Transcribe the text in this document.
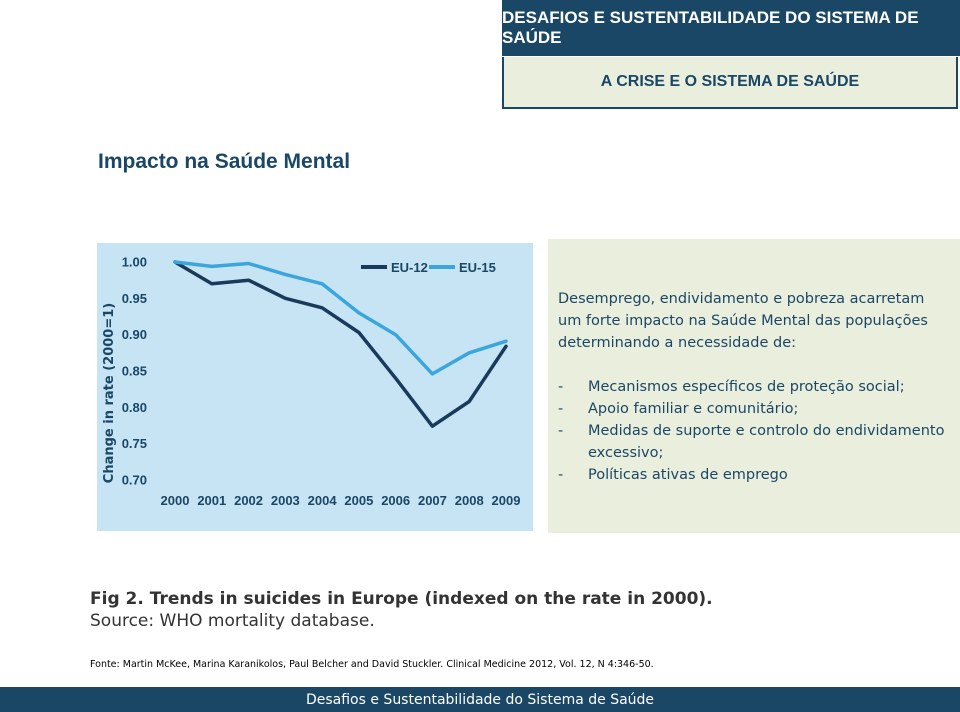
DESAFIOS E SUSTENTABILIDADE DO SISTEMA DE SAÚDE
A CRISE E O SISTEMA DE SAÚDE
Impacto na Saúde Mental
Change in rate (2000=1)
1.00
0.95
0.90
0.85
0.80
0.75
0.70
2000 2001 2002 2003 2004 2005 2006 2007 2008 2009
EU-12 EU-15
Desemprego, endividamento e pobreza acarretam um forte impacto na Saúde Mental das populações determinando a necessidade de:
- Mecanismos específicos de proteção social;
- Apoio familiar e comunitário;
- Medidas de suporte e controlo do endividamento excessivo;
- Políticas ativas de emprego
Fig 2. Trends in suicides in Europe (indexed on the rate in 2000).
Source: WHO mortality database.
Fonte: Martin McKee, Marina Karanikolos, Paul Belcher and David Stuckler. Clinical Medicine 2012, Vol. 12, N 4:346-50.
Desafios e Sustentabilidade do Sistema de Saúde
